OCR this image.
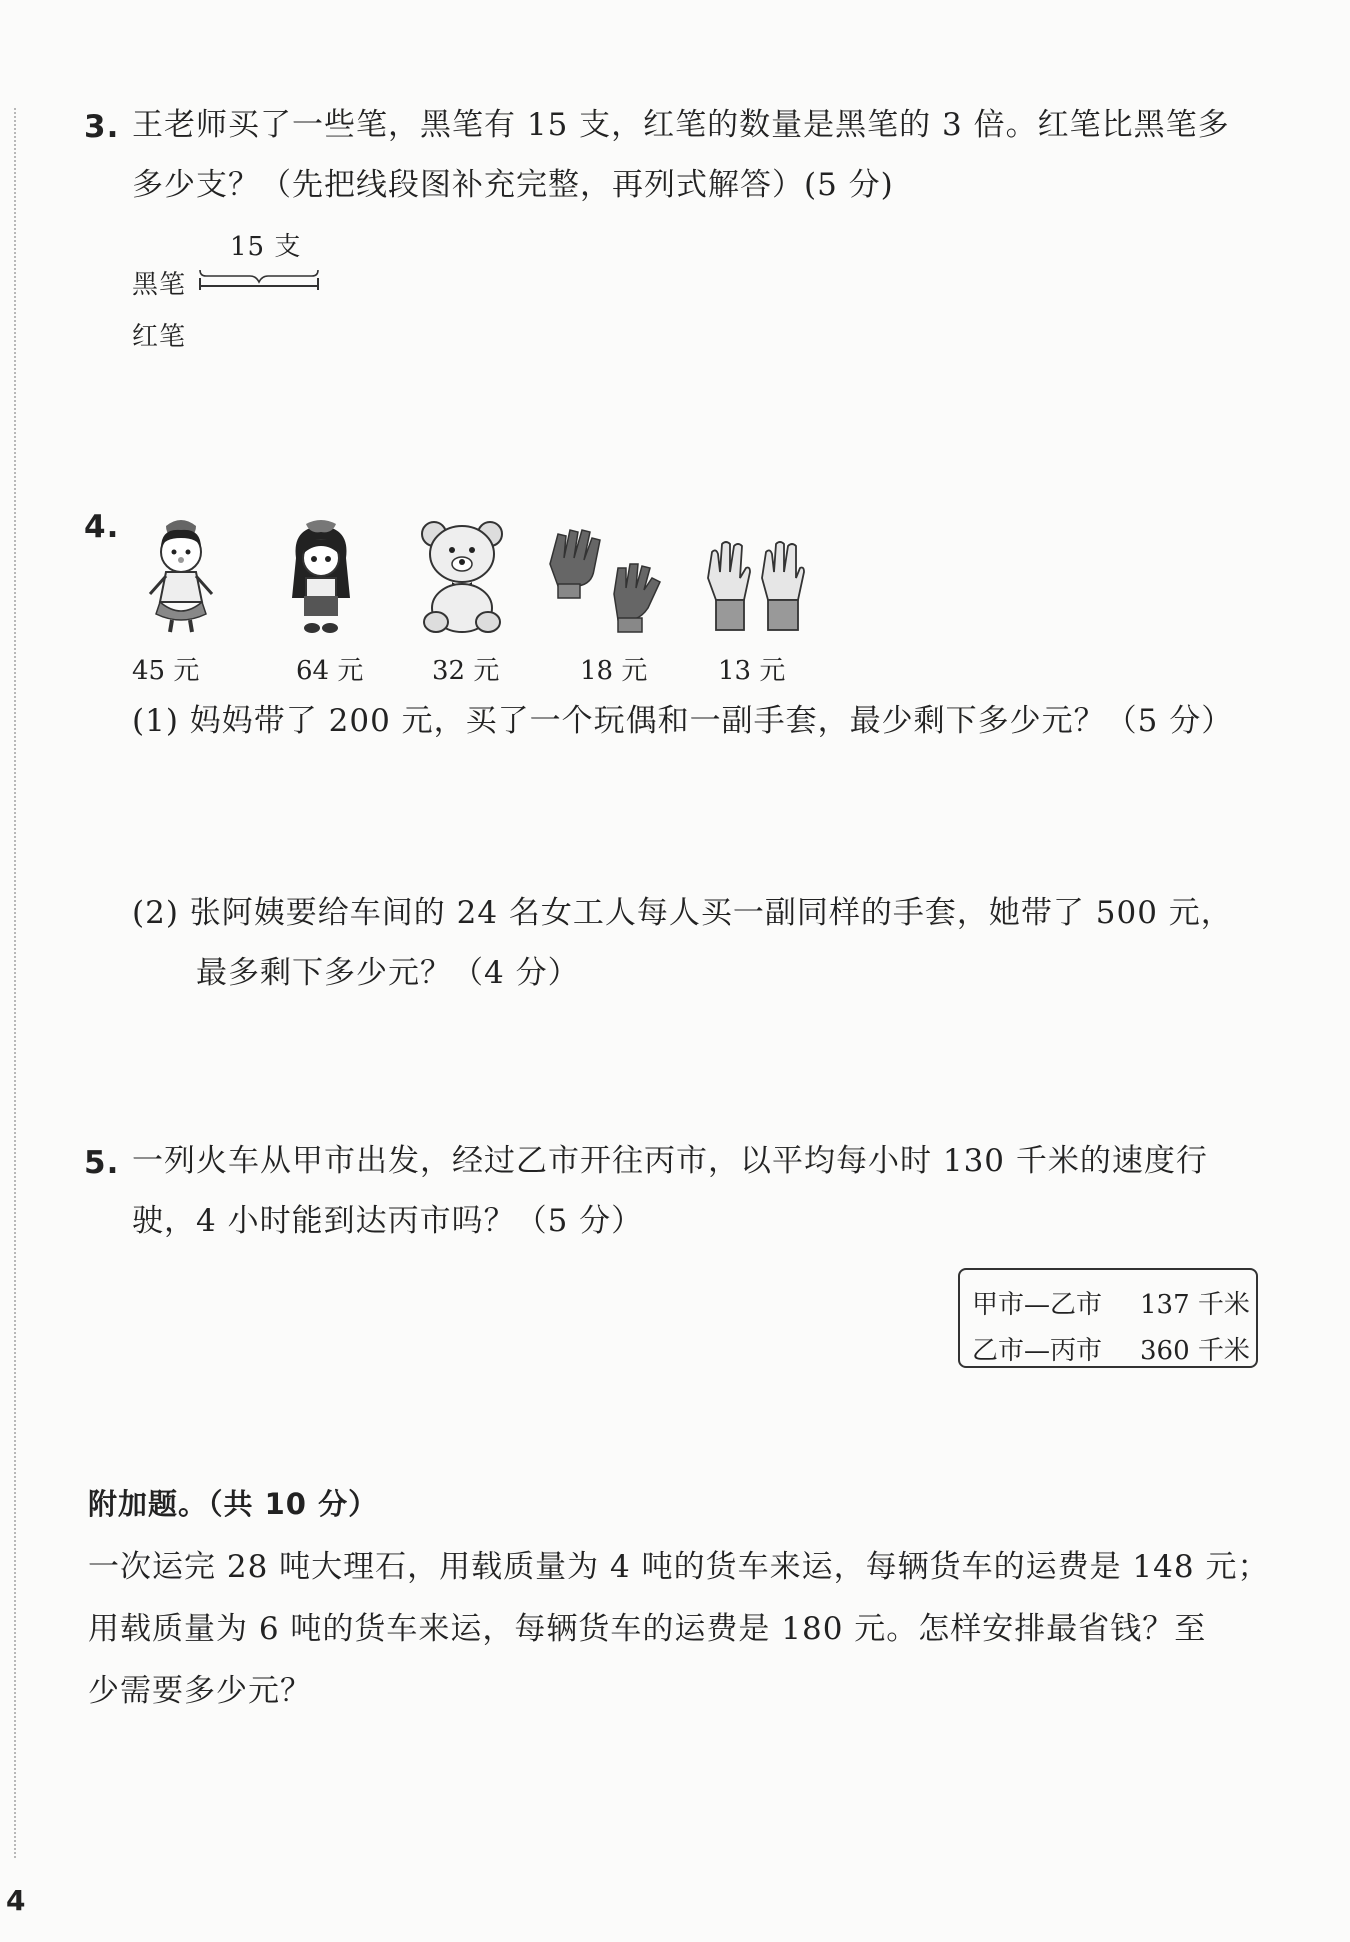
3. 王老师买了一些笔，黑笔有 15 支，红笔的数量是黑笔的 3 倍。红笔比黑笔多
多少支？（先把线段图补充完整，再列式解答）(5 分)
15 支
黑笔
红笔
4.
45 元	64 元	32 元	18 元	13 元
(1) 妈妈带了 200 元，买了一个玩偶和一副手套，最少剩下多少元？（5 分）
(2) 张阿姨要给车间的 24 名女工人每人买一副同样的手套，她带了 500 元，
最多剩下多少元？（4 分）
5. 一列火车从甲市出发，经过乙市开往丙市，以平均每小时 130 千米的速度行
驶，4 小时能到达丙市吗？（5 分）
甲市—乙市 137 千米
乙市—丙市 360 千米
附加题。（共 10 分）
一次运完 28 吨大理石，用载质量为 4 吨的货车来运，每辆货车的运费是 148 元；
用载质量为 6 吨的货车来运，每辆货车的运费是 180 元。怎样安排最省钱？至
少需要多少元？
4
